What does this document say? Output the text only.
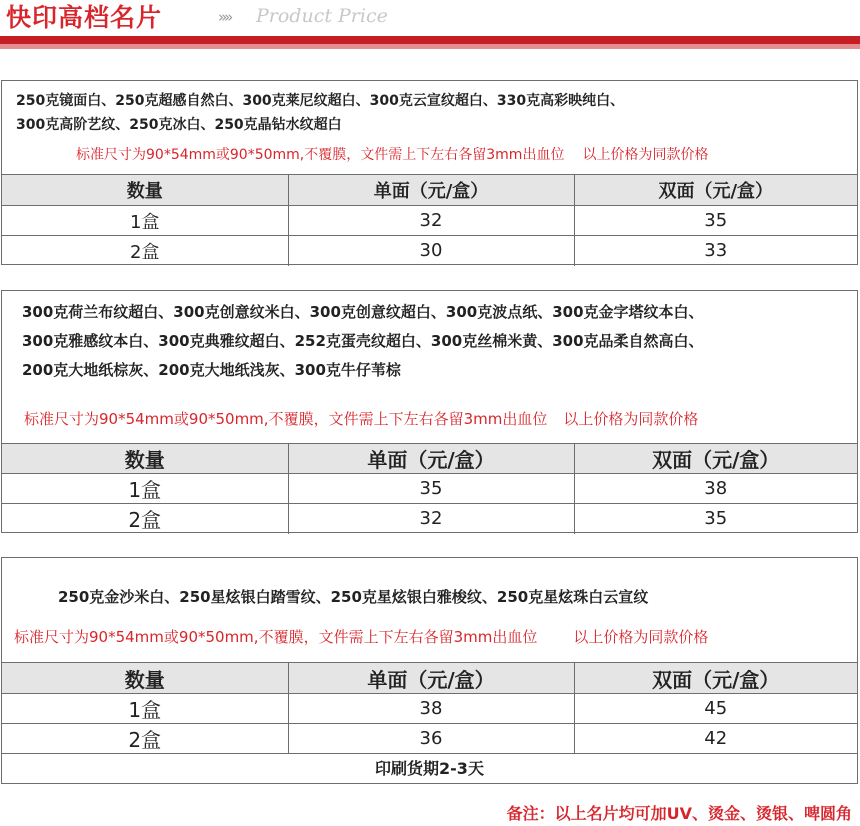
快印高档名片	»» Product Price
250克镜面白、250克超感自然白、300克莱尼纹超白、300克云宣纹超白、330克高彩映纯白、
300克高阶艺纹、250克冰白、250克晶钻水纹超白
标准尺寸为90*54mm或90*50mm,不覆膜，文件需上下左右各留3mm出血位 以上价格为同款价格
数量	单面（元/盒）	双面（元/盒）
1盒	32	35
2盒	30	33
300克荷兰布纹超白、300克创意纹米白、300克创意纹超白、300克波点纸、300克金字塔纹本白、
300克雅感纹本白、300克典雅纹超白、252克蛋壳纹超白、300克丝棉米黄、300克品柔自然高白、
200克大地纸棕灰、200克大地纸浅灰、300克牛仔苇棕
标准尺寸为90*54mm或90*50mm,不覆膜，文件需上下左右各留3mm出血位 以上价格为同款价格
数量	单面（元/盒）	双面（元/盒）
1盒	35	38
2盒	32	35
250克金沙米白、250星炫银白踏雪纹、250克星炫银白雅梭纹、250克星炫珠白云宣纹
标准尺寸为90*54mm或90*50mm,不覆膜，文件需上下左右各留3mm出血位 以上价格为同款价格
数量	单面（元/盒）	双面（元/盒）
1盒	38	45
2盒	36	42
印刷货期2-3天
备注：以上名片均可加UV、烫金、烫银、啤圆角
